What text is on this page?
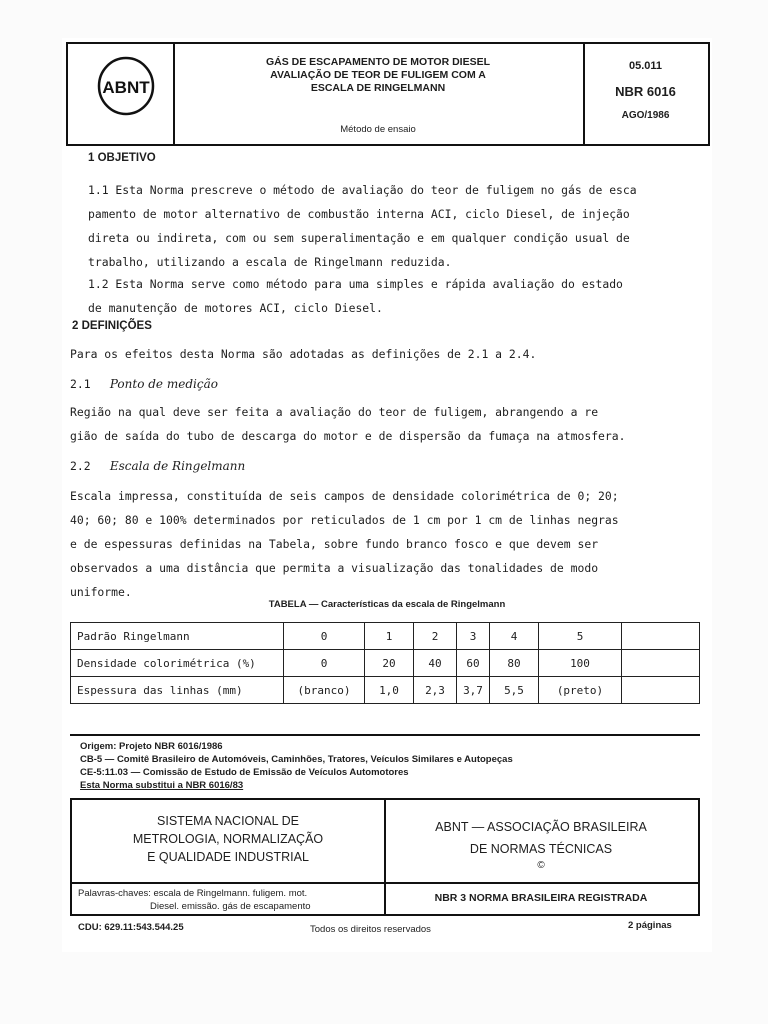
ABNT
GÁS DE ESCAPAMENTO DE MOTOR DIESEL
AVALIAÇÃO DE TEOR DE FULIGEM COM A
ESCALA DE RINGELMANN
Método de ensaio
05.011
NBR 6016
AGO/1986
1 OBJETIVO
1.1 Esta Norma prescreve o método de avaliação do teor de fuligem no gás de esca
pamento de motor alternativo de combustão interna ACI, ciclo Diesel, de injeção
direta ou indireta, com ou sem superalimentação e em qualquer condição usual de
trabalho, utilizando a escala de Ringelmann reduzida.
1.2 Esta Norma serve como método para uma simples e rápida avaliação do estado
de manutenção de motores ACI, ciclo Diesel.
2 DEFINIÇÕES
Para os efeitos desta Norma são adotadas as definições de 2.1 a 2.4.
2.1 Ponto de medição
Região na qual deve ser feita a avaliação do teor de fuligem, abrangendo a re
gião de saída do tubo de descarga do motor e de dispersão da fumaça na atmosfera.
2.2 Escala de Ringelmann
Escala impressa, constituída de seis campos de densidade colorimétrica de 0; 20;
40; 60; 80 e 100% determinados por reticulados de 1 cm por 1 cm de linhas negras
e de espessuras definidas na Tabela, sobre fundo branco fosco e que devem ser
observados a uma distância que permita a visualização das tonalidades de modo
uniforme.
TABELA — Características da escala de Ringelmann
Padrão Ringelmann	0	1	2	3	4	5	
Densidade colorimétrica (%)	0	20	40	60	80	100	
Espessura das linhas (mm)	(branco)	1,0	2,3	3,7	5,5	(preto)	
Origem: Projeto NBR 6016/1986
CB-5 — Comitê Brasileiro de Automóveis, Caminhões, Tratores, Veículos Similares e Autopeças
CE-5:11.03 — Comissão de Estudo de Emissão de Veículos Automotores
Esta Norma substitui a NBR 6016/83
SISTEMA NACIONAL DE
METROLOGIA, NORMALIZAÇÃO
E QUALIDADE INDUSTRIAL
ABNT — ASSOCIAÇÃO BRASILEIRA
DE NORMAS TÉCNICAS
©
Palavras-chaves: escala de Ringelmann. fuligem. mot.
Diesel. emissão. gás de escapamento
NBR 3 NORMA BRASILEIRA REGISTRADA
CDU: 629.11:543.544.25	Todos os direitos reservados	2 páginas
